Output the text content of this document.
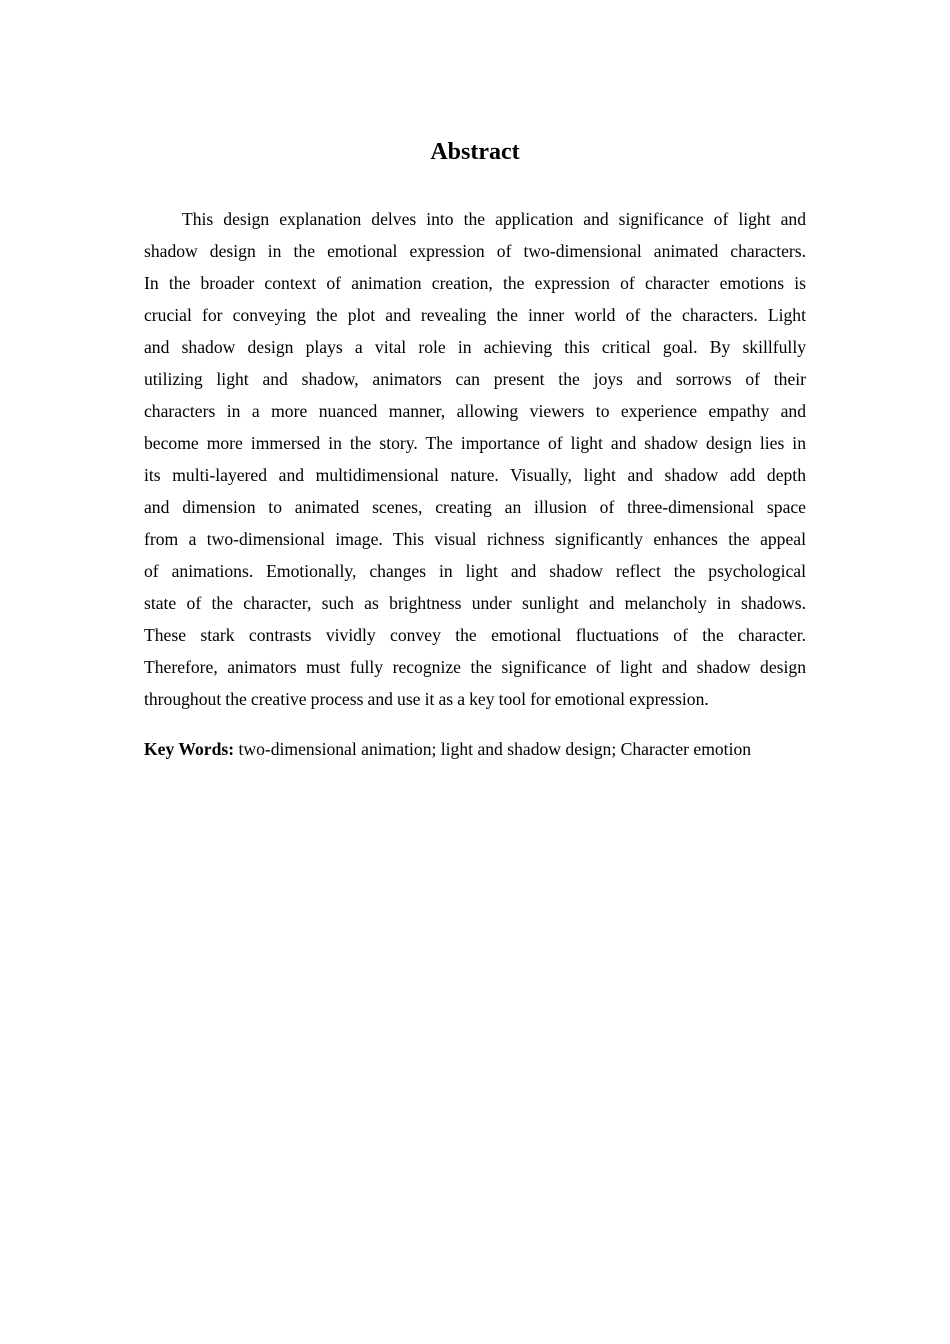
Abstract
This design explanation delves into the application and significance of light and
shadow design in the emotional expression of two-dimensional animated characters.
In the broader context of animation creation, the expression of character emotions is
crucial for conveying the plot and revealing the inner world of the characters. Light
and shadow design plays a vital role in achieving this critical goal. By skillfully
utilizing light and shadow, animators can present the joys and sorrows of their
characters in a more nuanced manner, allowing viewers to experience empathy and
become more immersed in the story. The importance of light and shadow design lies in
its multi-layered and multidimensional nature. Visually, light and shadow add depth
and dimension to animated scenes, creating an illusion of three-dimensional space
from a two-dimensional image. This visual richness significantly enhances the appeal
of animations. Emotionally, changes in light and shadow reflect the psychological
state of the character, such as brightness under sunlight and melancholy in shadows.
These stark contrasts vividly convey the emotional fluctuations of the character.
Therefore, animators must fully recognize the significance of light and shadow design
throughout the creative process and use it as a key tool for emotional expression.
Key Words: two-dimensional animation; light and shadow design; Character emotion
